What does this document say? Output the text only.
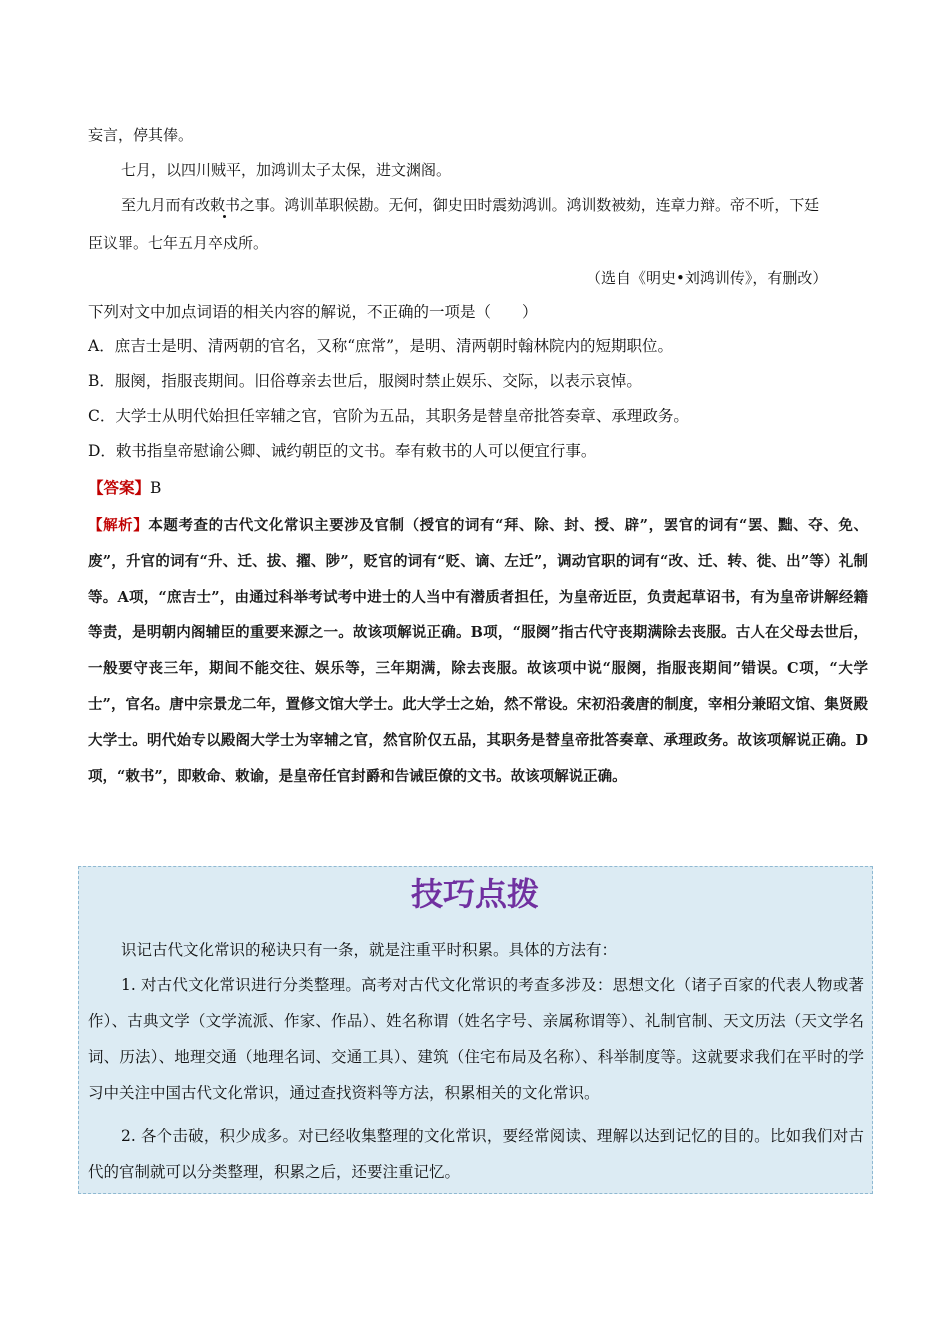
妄言，停其俸。
七月，以四川贼平，加鸿训太子太保，进文渊阁。
至九月而有改敕书之事。鸿训革职候勘。无何，御史田时震劾鸿训。鸿训数被劾，连章力辩。帝不听，下廷
臣议罪。七年五月卒戍所。
（选自《明史•刘鸿训传》，有删改）
下列对文中加点词语的相关内容的解说，不正确的一项是（　　）
A．庶吉士是明、清两朝的官名，又称“庶常”，是明、清两朝时翰林院内的短期职位。
B．服阕，指服丧期间。旧俗尊亲去世后，服阕时禁止娱乐、交际，以表示哀悼。
C．大学士从明代始担任宰辅之官，官阶为五品，其职务是替皇帝批答奏章、承理政务。
D．敕书指皇帝慰谕公卿、诫约朝臣的文书。奉有敕书的人可以便宜行事。
【答案】B
【解析】本题考查的古代文化常识主要涉及官制（授官的词有“拜、除、封、授、辟”，罢官的词有“罢、黜、夺、免、废”，升官的词有“升、迁、拔、擢、陟”，贬官的词有“贬、谪、左迁”，调动官职的词有“改、迁、转、徙、出”等）礼制等。A项，“庶吉士”，由通过科举考试考中进士的人当中有潜质者担任，为皇帝近臣，负责起草诏书，有为皇帝讲解经籍等责，是明朝内阁辅臣的重要来源之一。故该项解说正确。B项，“服阕”指古代守丧期满除去丧服。古人在父母去世后，一般要守丧三年，期间不能交往、娱乐等，三年期满，除去丧服。故该项中说“服阕，指服丧期间”错误。C项，“大学士”，官名。唐中宗景龙二年，置修文馆大学士。此大学士之始，然不常设。宋初沿袭唐的制度，宰相分兼昭文馆、集贤殿大学士。明代始专以殿阁大学士为宰辅之官，然官阶仅五品，其职务是替皇帝批答奏章、承理政务。故该项解说正确。D项，“敕书”，即敕命、敕谕，是皇帝任官封爵和告诫臣僚的文书。故该项解说正确。
技巧点拨
识记古代文化常识的秘诀只有一条，就是注重平时积累。具体的方法有：
1. 对古代文化常识进行分类整理。高考对古代文化常识的考查多涉及：思想文化（诸子百家的代表人物或著作）、古典文学（文学流派、作家、作品）、姓名称谓（姓名字号、亲属称谓等）、礼制官制、天文历法（天文学名词、历法）、地理交通（地理名词、交通工具）、建筑（住宅布局及名称）、科举制度等。这就要求我们在平时的学习中关注中国古代文化常识，通过查找资料等方法，积累相关的文化常识。
2. 各个击破，积少成多。对已经收集整理的文化常识，要经常阅读、理解以达到记忆的目的。比如我们对古代的官制就可以分类整理，积累之后，还要注重记忆。
